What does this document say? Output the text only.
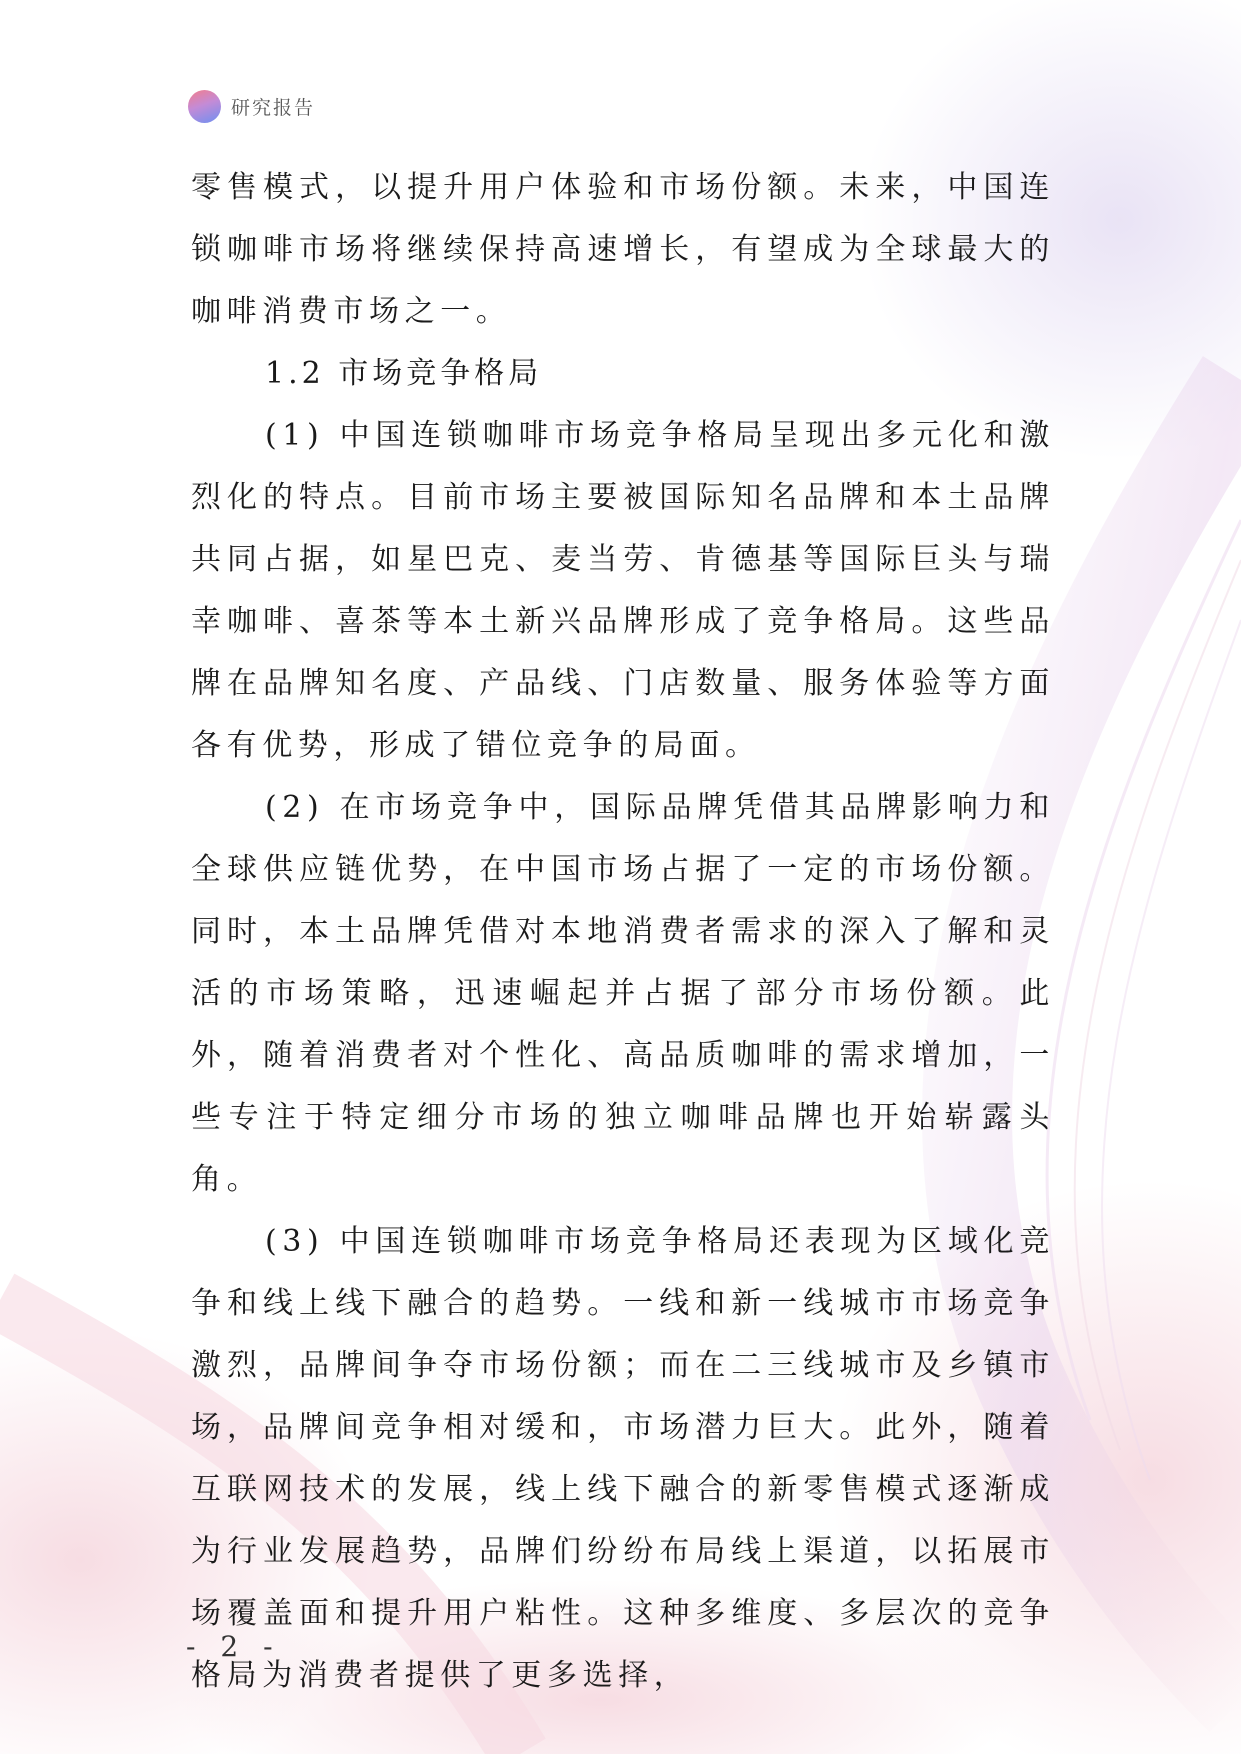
研究报告

零售模式，以提升用户体验和市场份额。未来，中国连锁咖啡市场将继续保持高速增长，有望成为全球最大的咖啡消费市场之一。

1.2 市场竞争格局

(1) 中国连锁咖啡市场竞争格局呈现出多元化和激烈化的特点。目前市场主要被国际知名品牌和本土品牌共同占据，如星巴克、麦当劳、肯德基等国际巨头与瑞幸咖啡、喜茶等本土新兴品牌形成了竞争格局。这些品牌在品牌知名度、产品线、门店数量、服务体验等方面各有优势，形成了错位竞争的局面。

(2) 在市场竞争中，国际品牌凭借其品牌影响力和全球供应链优势，在中国市场占据了一定的市场份额。同时，本土品牌凭借对本地消费者需求的深入了解和灵活的市场策略，迅速崛起并占据了部分市场份额。此外，随着消费者对个性化、高品质咖啡的需求增加，一些专注于特定细分市场的独立咖啡品牌也开始崭露头角。

(3) 中国连锁咖啡市场竞争格局还表现为区域化竞争和线上线下融合的趋势。一线和新一线城市市场竞争激烈，品牌间争夺市场份额；而在二三线城市及乡镇市场，品牌间竞争相对缓和，市场潜力巨大。此外，随着互联网技术的发展，线上线下融合的新零售模式逐渐成为行业发展趋势，品牌们纷纷布局线上渠道，以拓展市场覆盖面和提升用户粘性。这种多维度、多层次的竞争格局为消费者提供了更多选择，

- 2 -
